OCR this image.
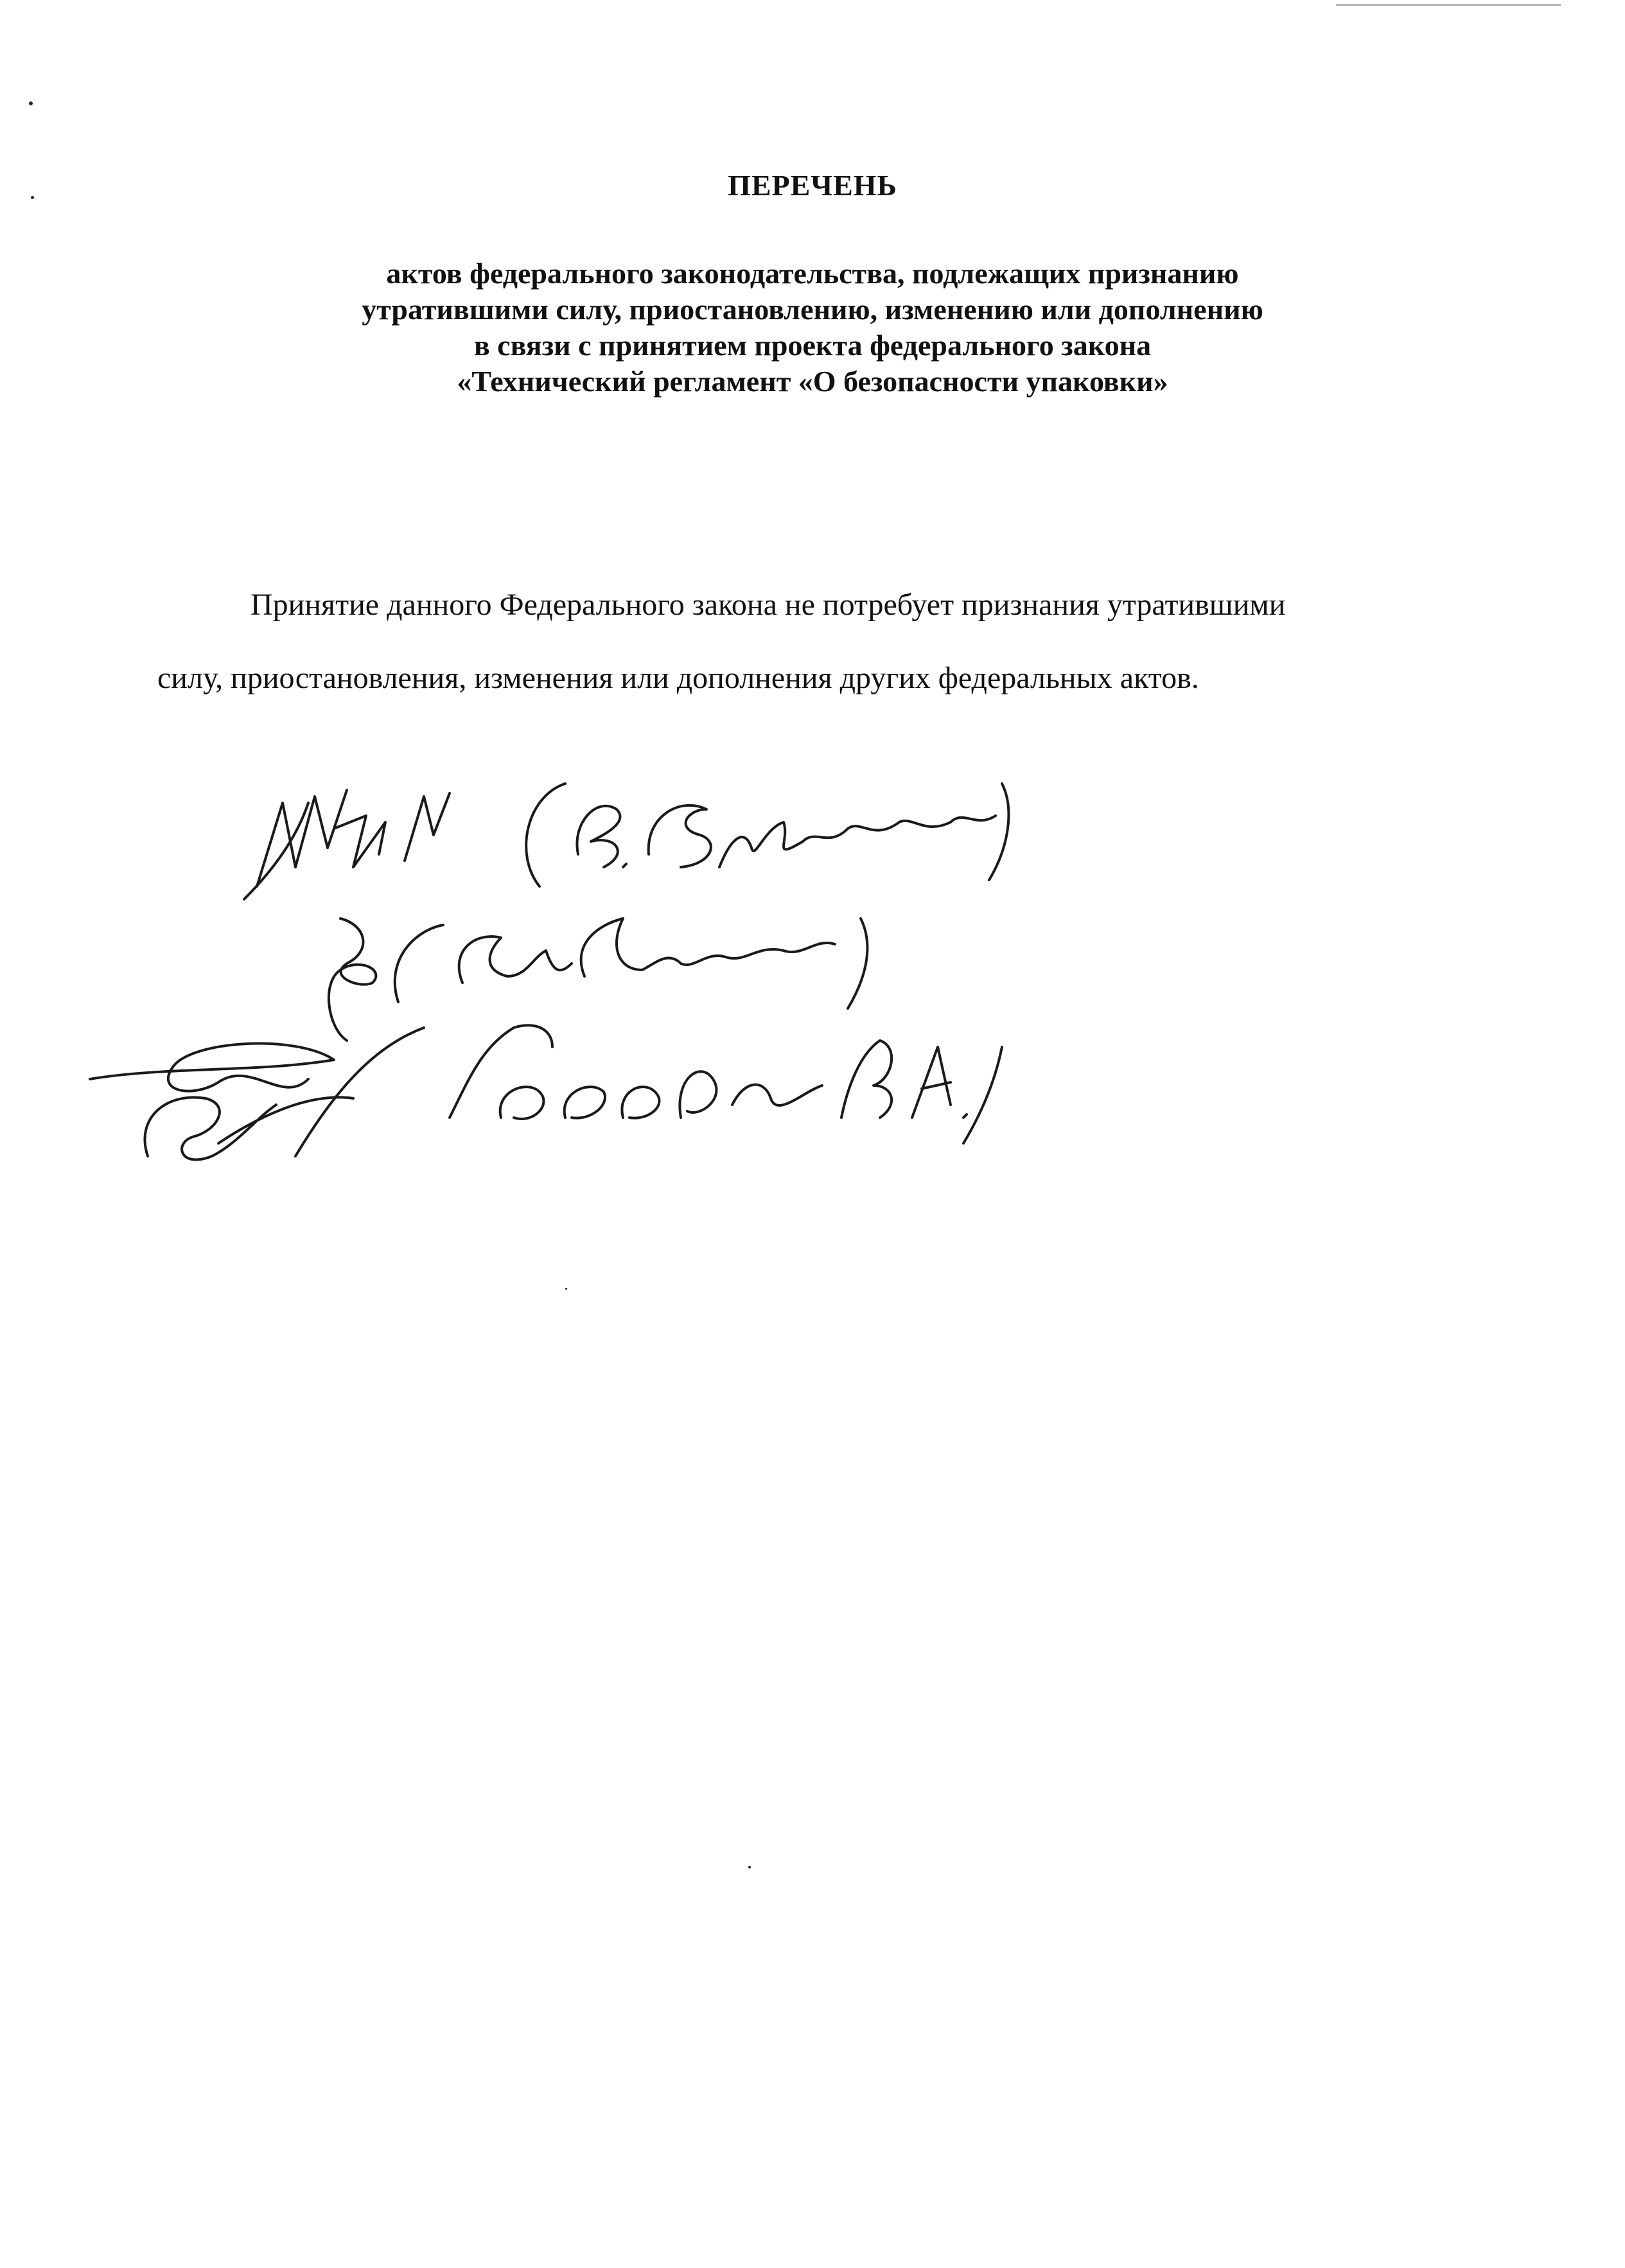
ПЕРЕЧЕНЬ
актов федерального законодательства, подлежащих признанию
утратившими силу, приостановлению, изменению или дополнению
в связи с принятием проекта федерального закона
«Технический регламент «О безопасности упаковки»

Принятие данного Федерального закона не потребует признания утратившими
силу, приостановления, изменения или дополнения других федеральных актов.
